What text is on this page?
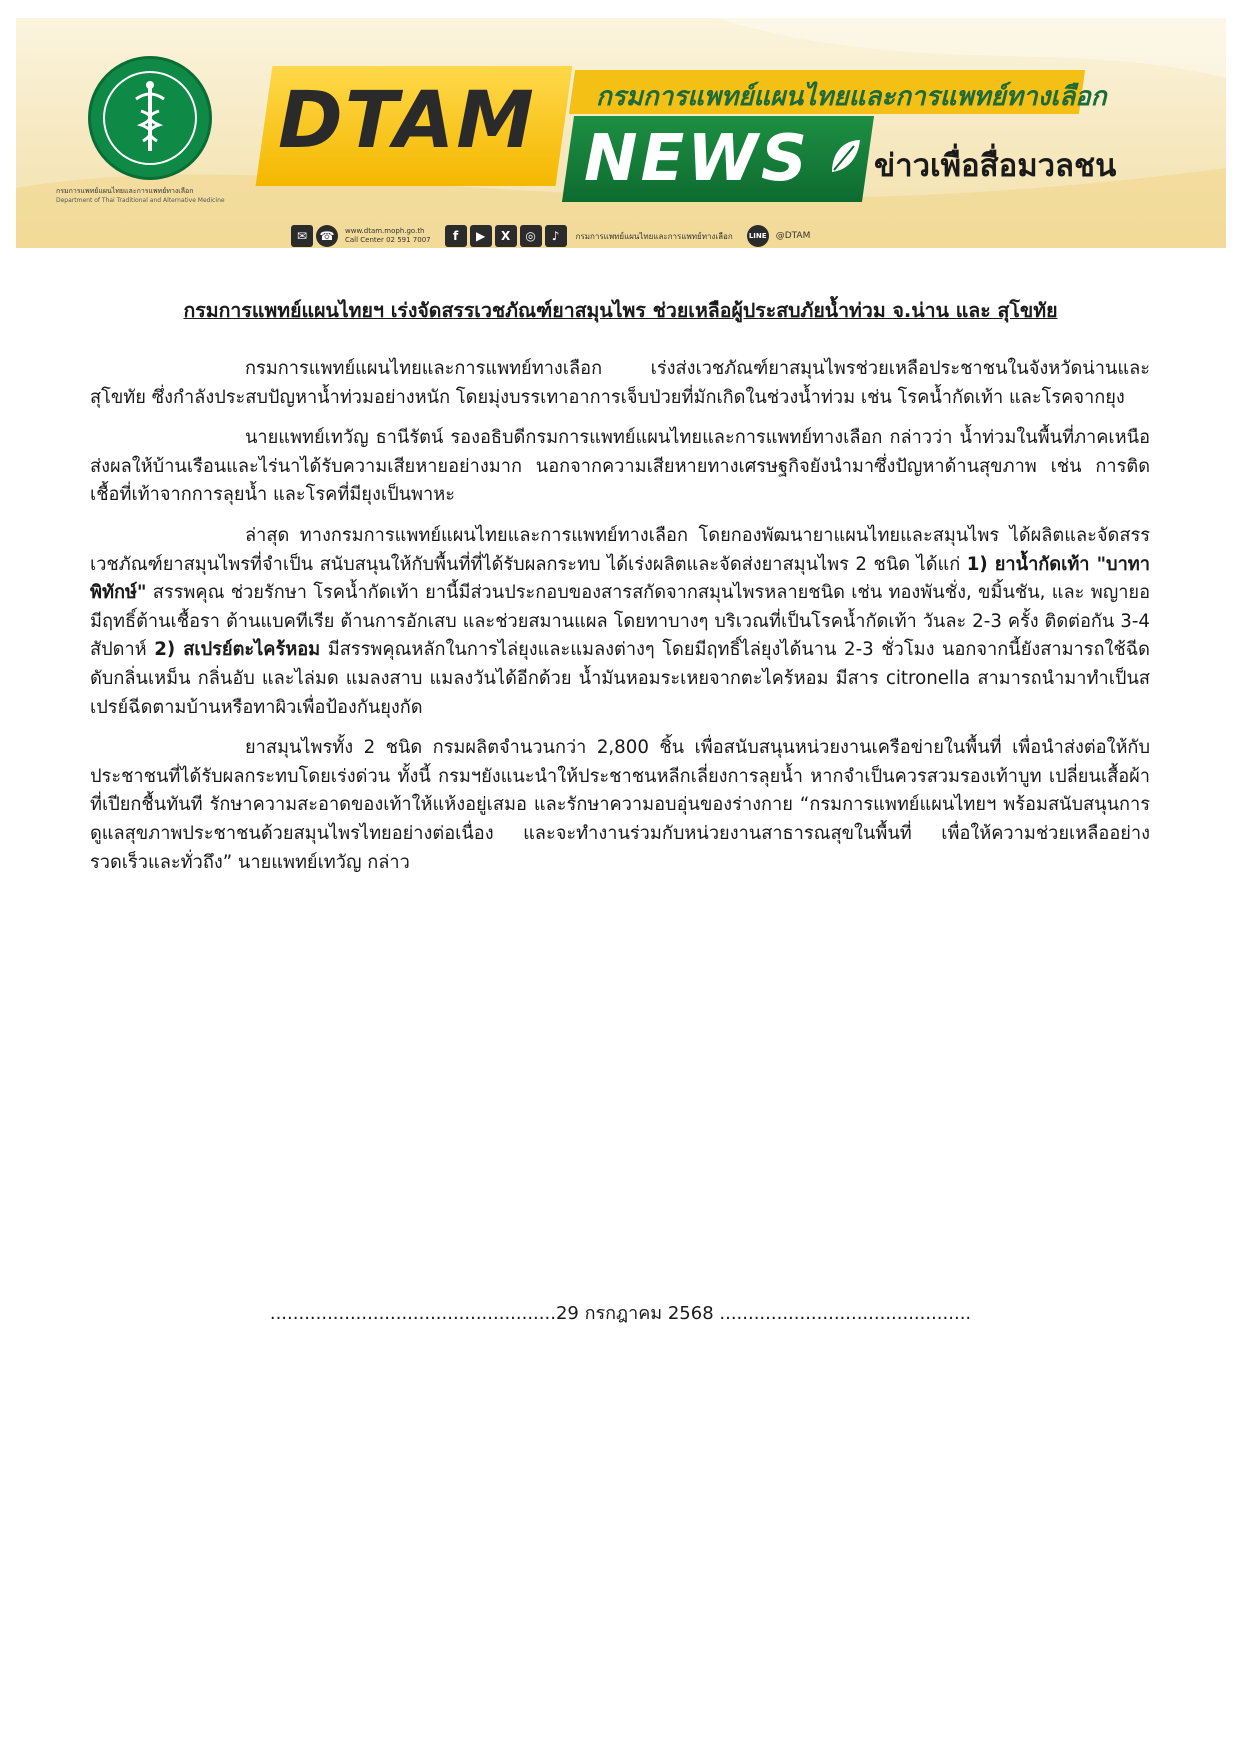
กรมการแพทย์แผนไทยและการแพทย์ทางเลือก
Department of Thai Traditional and Alternative Medicine
DTAM กรมการแพทย์แผนไทยและการแพทย์ทางเลือก
NEWS ข่าวเพื่อสื่อมวลชน
✉	☎	www.dtam.moph.go.th
Call Center 02 591 7007	f	▶	X	◎	♪	กรมการแพทย์แผนไทยและการแพทย์ทางเลือก	LINE @DTAM
กรมการแพทย์แผนไทยฯ เร่งจัดสรรเวชภัณฑ์ยาสมุนไพร ช่วยเหลือผู้ประสบภัยน้ำท่วม จ.น่าน และ สุโขทัย

กรมการแพทย์แผนไทยและการแพทย์ทางเลือก เร่งส่งเวชภัณฑ์ยาสมุนไพรช่วยเหลือประชาชนในจังหวัดน่านและสุโขทัย ซึ่งกำลังประสบปัญหาน้ำท่วมอย่างหนัก โดยมุ่งบรรเทาอาการเจ็บป่วยที่มักเกิดในช่วงน้ำท่วม เช่น โรคน้ำกัดเท้า และโรคจากยุง

นายแพทย์เทวัญ ธานีรัตน์ รองอธิบดีกรมการแพทย์แผนไทยและการแพทย์ทางเลือก กล่าวว่า น้ำท่วมในพื้นที่ภาคเหนือส่งผลให้บ้านเรือนและไร่นาได้รับความเสียหายอย่างมาก นอกจากความเสียหายทางเศรษฐกิจยังนำมาซึ่งปัญหาด้านสุขภาพ เช่น การติดเชื้อที่เท้าจากการลุยน้ำ และโรคที่มียุงเป็นพาหะ

ล่าสุด ทางกรมการแพทย์แผนไทยและการแพทย์ทางเลือก โดยกองพัฒนายาแผนไทยและสมุนไพร ได้ผลิตและจัดสรรเวชภัณฑ์ยาสมุนไพรที่จำเป็น สนับสนุนให้กับพื้นที่ที่ได้รับผลกระทบ ได้เร่งผลิตและจัดส่งยาสมุนไพร 2 ชนิด ได้แก่ 1) ยาน้ำกัดเท้า "บาทาพิทักษ์" สรรพคุณ ช่วยรักษา โรคน้ำกัดเท้า ยานี้มีส่วนประกอบของสารสกัดจากสมุนไพรหลายชนิด เช่น ทองพันชั่ง, ขมิ้นชัน, และ พญายอ มีฤทธิ์ต้านเชื้อรา ต้านแบคทีเรีย ต้านการอักเสบ และช่วยสมานแผล โดยทาบางๆ บริเวณที่เป็นโรคน้ำกัดเท้า วันละ 2-3 ครั้ง ติดต่อกัน 3-4 สัปดาห์ 2) สเปรย์ตะไคร้หอม มีสรรพคุณหลักในการไล่ยุงและแมลงต่างๆ โดยมีฤทธิ์ไล่ยุงได้นาน 2-3 ชั่วโมง นอกจากนี้ยังสามารถใช้ฉีดดับกลิ่นเหม็น กลิ่นอับ และไล่มด แมลงสาบ แมลงวันได้อีกด้วย น้ำมันหอมระเหยจากตะไคร้หอม มีสาร citronella สามารถนำมาทำเป็นสเปรย์ฉีดตามบ้านหรือทาผิวเพื่อป้องกันยุงกัด

ยาสมุนไพรทั้ง 2 ชนิด กรมผลิตจำนวนกว่า 2,800 ชิ้น เพื่อสนับสนุนหน่วยงานเครือข่ายในพื้นที่ เพื่อนำส่งต่อให้กับประชาชนที่ได้รับผลกระทบโดยเร่งด่วน ทั้งนี้ กรมฯยังแนะนำให้ประชาชนหลีกเลี่ยงการลุยน้ำ หากจำเป็นควรสวมรองเท้าบูท เปลี่ยนเสื้อผ้าที่เปียกชื้นทันที รักษาความสะอาดของเท้าให้แห้งอยู่เสมอ และรักษาความอบอุ่นของร่างกาย “กรมการแพทย์แผนไทยฯ พร้อมสนับสนุนการดูแลสุขภาพประชาชนด้วยสมุนไพรไทยอย่างต่อเนื่อง และจะทำงานร่วมกับหน่วยงานสาธารณสุขในพื้นที่ เพื่อให้ความช่วยเหลืออย่างรวดเร็วและทั่วถึง” นายแพทย์เทวัญ กล่าว

..................................................29 กรกฎาคม 2568 ............................................
